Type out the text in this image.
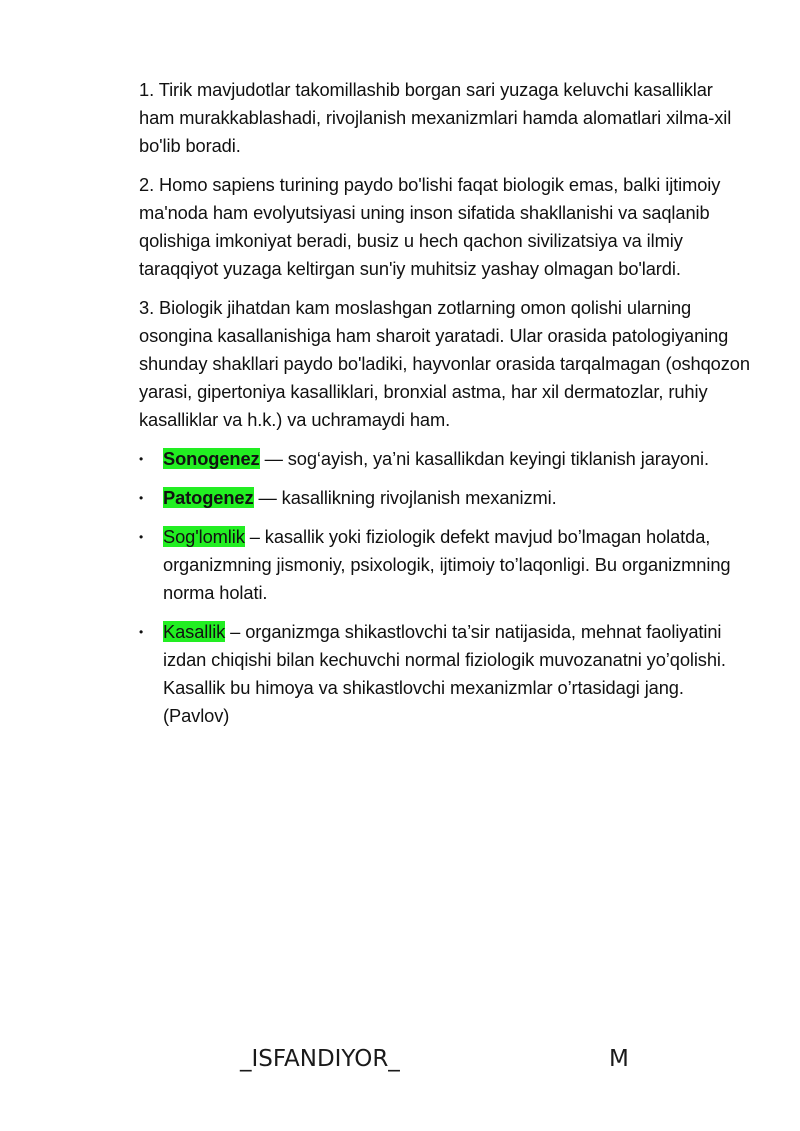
1. Tirik mavjudotlar takomillashib borgan sari yuzaga keluvchi kasalliklar ham murakkablashadi, rivojlanish mexanizmlari hamda alomatlari xilma-xil bo'lib boradi.

2. Homo sapiens turining paydo bo'lishi faqat biologik emas, balki ijtimoiy ma'noda ham evolyutsiyasi uning inson sifatida shakllanishi va saqlanib qolishiga imkoniyat beradi, busiz u hech qachon sivilizatsiya va ilmiy taraqqiyot yuzaga keltirgan sun'iy muhitsiz yashay olmagan bo'lardi.

3. Biologik jihatdan kam moslashgan zotlarning omon qolishi ularning osongina kasallanishiga ham sharoit yaratadi. Ular orasida patologiyaning shunday shakllari paydo bo'ladiki, hayvonlar orasida tarqalmagan (oshqozon yarasi, gipertoniya kasalliklari, bronxial astma, har xil dermatozlar, ruhiy kasalliklar va h.k.) va uchramaydi ham.

• Sonogenez — sog‘ayish, ya’ni kasallikdan keyingi tiklanish jarayoni.
• Patogenez — kasallikning rivojlanish mexanizmi.
• Sog'lomlik – kasallik yoki fiziologik defekt mavjud bo’lmagan holatda, organizmning jismoniy, psixologik, ijtimoiy to’laqonligi. Bu organizmning norma holati.
• Kasallik – organizmga shikastlovchi ta’sir natijasida, mehnat faoliyatini izdan chiqishi bilan kechuvchi normal fiziologik muvozanatni yo’qolishi. Kasallik bu himoya va shikastlovchi mexanizmlar o’rtasidagi jang. (Pavlov)
_ISFANDIYOR_	M
